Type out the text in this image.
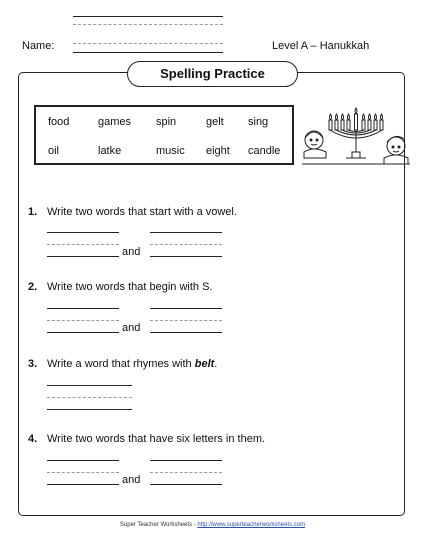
Name:	Level A – Hanukkah
Spelling Practice
food	games spin	gelt sing
oil	latke	music eight candle
1. Write two words that start with a vowel.
and
2. Write two words that begin with S.
and
3. Write a word that rhymes with belt.
4. Write two words that have six letters in them.
and
Super Teacher Worksheets - http://www.superteacherworksheets.com
